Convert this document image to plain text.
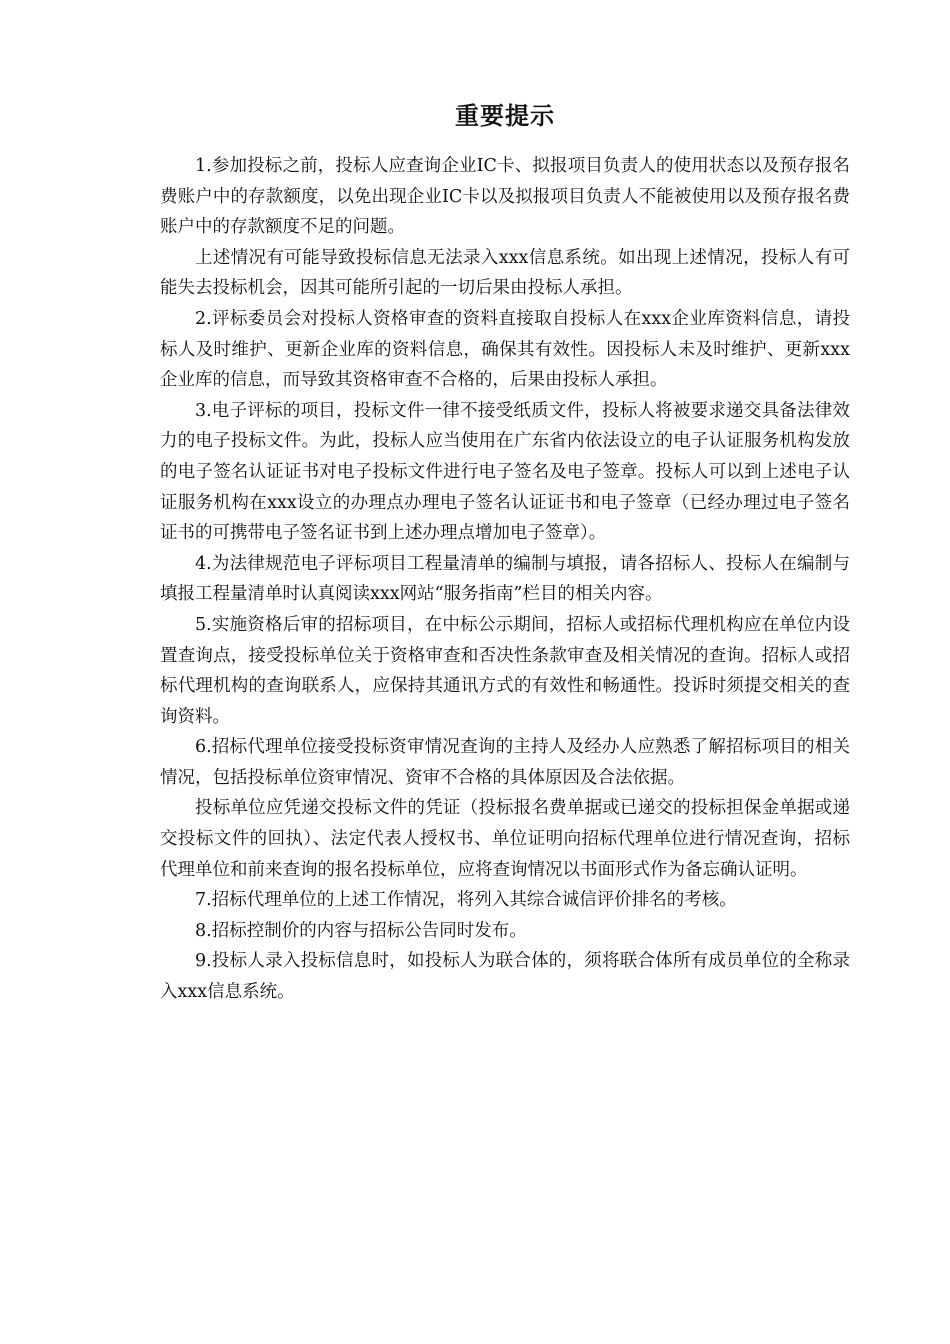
重要提示

1.参加投标之前，投标人应查询企业IC卡、拟报项目负责人的使用状态以及预存报名费账户中的存款额度，以免出现企业IC卡以及拟报项目负责人不能被使用以及预存报名费账户中的存款额度不足的问题。

上述情况有可能导致投标信息无法录入xxx信息系统。如出现上述情况，投标人有可能失去投标机会，因其可能所引起的一切后果由投标人承担。

2.评标委员会对投标人资格审查的资料直接取自投标人在xxx企业库资料信息，请投标人及时维护、更新企业库的资料信息，确保其有效性。因投标人未及时维护、更新xxx企业库的信息，而导致其资格审查不合格的，后果由投标人承担。

3.电子评标的项目，投标文件一律不接受纸质文件，投标人将被要求递交具备法律效力的电子投标文件。为此，投标人应当使用在广东省内依法设立的电子认证服务机构发放的电子签名认证证书对电子投标文件进行电子签名及电子签章。投标人可以到上述电子认证服务机构在xxx设立的办理点办理电子签名认证证书和电子签章（已经办理过电子签名证书的可携带电子签名证书到上述办理点增加电子签章）。

4.为法律规范电子评标项目工程量清单的编制与填报，请各招标人、投标人在编制与填报工程量清单时认真阅读xxx网站“服务指南”栏目的相关内容。

5.实施资格后审的招标项目，在中标公示期间，招标人或招标代理机构应在单位内设置查询点，接受投标单位关于资格审查和否决性条款审查及相关情况的查询。招标人或招标代理机构的查询联系人，应保持其通讯方式的有效性和畅通性。投诉时须提交相关的查询资料。

6.招标代理单位接受投标资审情况查询的主持人及经办人应熟悉了解招标项目的相关情况，包括投标单位资审情况、资审不合格的具体原因及合法依据。

投标单位应凭递交投标文件的凭证（投标报名费单据或已递交的投标担保金单据或递交投标文件的回执）、法定代表人授权书、单位证明向招标代理单位进行情况查询，招标代理单位和前来查询的报名投标单位，应将查询情况以书面形式作为备忘确认证明。

7.招标代理单位的上述工作情况，将列入其综合诚信评价排名的考核。

8.招标控制价的内容与招标公告同时发布。

9.投标人录入投标信息时，如投标人为联合体的，须将联合体所有成员单位的全称录入xxx信息系统。
